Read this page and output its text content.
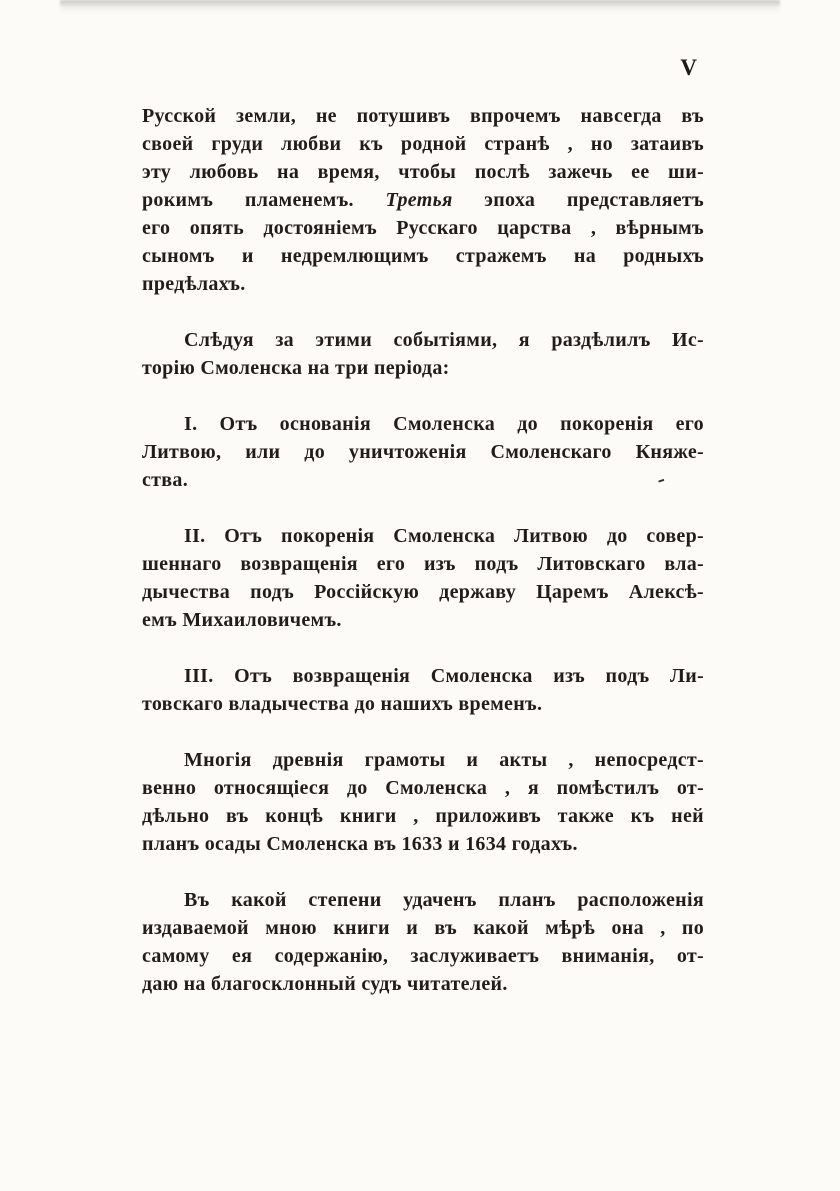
V
Русской земли, не потушивъ впрочемъ навсегда въ
своей груди любви къ родной странѣ , но затаивъ
эту любовь на время, чтобы послѣ зажечь ее ши-
рокимъ пламенемъ. Третья эпоха представляетъ
его опять достояніемъ Русскаго царства , вѣрнымъ
сыномъ и недремлющимъ стражемъ на родныхъ
предѣлахъ.
Слѣдуя за этими событіями, я раздѣлилъ Ис-
торію Смоленска на три періода:
I. Отъ основанія Смоленска до покоренія его
Литвою, или до уничтоженія Смоленскаго Княже-
ства.
II. Отъ покоренія Смоленска Литвою до совер-
шеннаго возвращенія его изъ подъ Литовскаго вла-
дычества подъ Россійскую державу Царемъ Алексѣ-
емъ Михаиловичемъ.
III. Отъ возвращенія Смоленска изъ подъ Ли-
товскаго владычества до нашихъ временъ.
Многія древнія грамоты и акты , непосредст-
венно относящіеся до Смоленска , я помѣстилъ от-
дѣльно въ концѣ книги , приложивъ также къ ней
планъ осады Смоленска въ 1633 и 1634 годахъ.
Въ какой степени удаченъ планъ расположенія
издаваемой мною книги и въ какой мѣрѣ она , по
самому ея содержанію, заслуживаетъ вниманія, от-
даю на благосклонный судъ читателей.
-
